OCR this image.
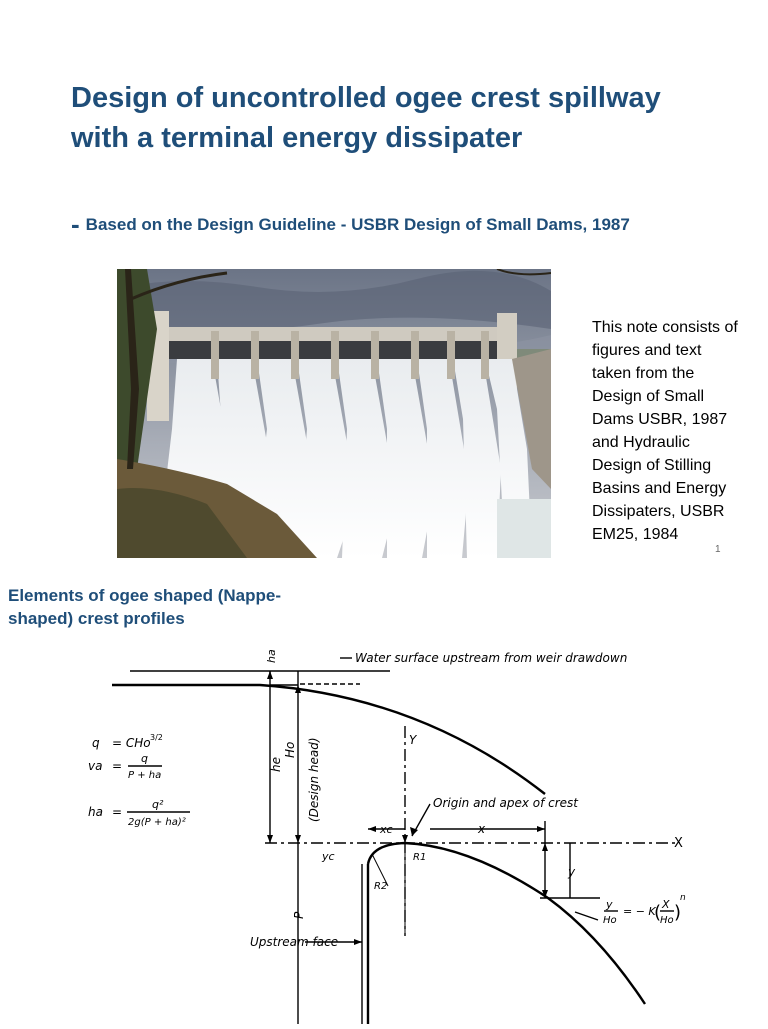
Design of uncontrolled ogee crest spillway with a terminal energy dissipater
- Based on the Design Guideline - USBR Design of Small Dams, 1987
This note consists of figures and text taken from the Design of Small Dams USBR, 1987 and Hydraulic Design of Stilling Basins and Energy Dissipaters, USBR EM25, 1984
1
Elements of ogee shaped (Nappe-shaped) crest profiles
Water surface upstream from weir drawdown
Origin and apex of crest
Upstream face
X
ha
he
Ho (Design head)
P
Y
y
x
xc
yc	R1
R2
q = CHo 3/2
va =
q
P + ha
ha =
q²
2g(P + ha)²
y
Ho
= − K
X
Ho
n
( )
